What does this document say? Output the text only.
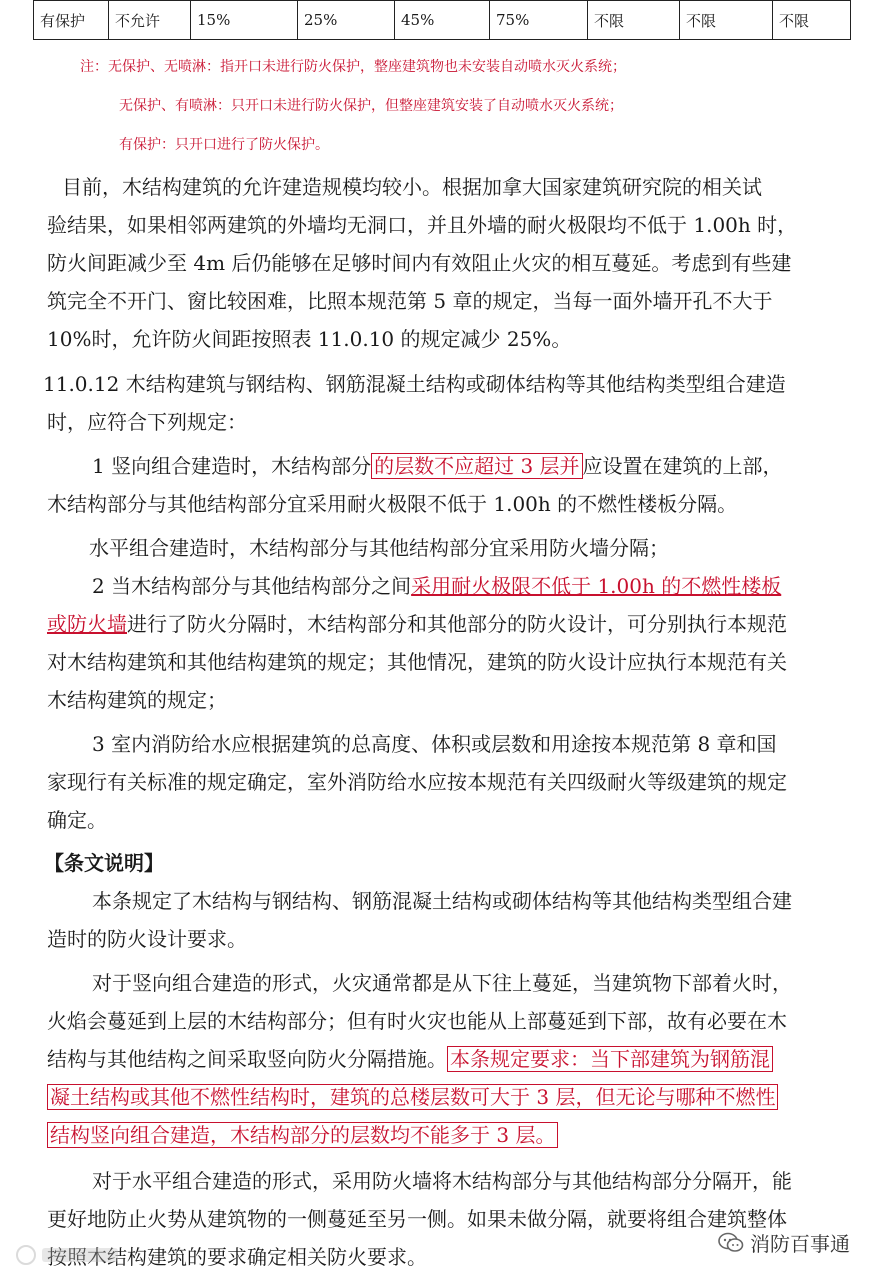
有保护	不允许	15%	25%	45%	75%	不限	不限	不限
注：无保护、无喷淋：指开口未进行防火保护，整座建筑物也未安装自动喷水灭火系统；
无保护、有喷淋：只开口未进行防火保护，但整座建筑安装了自动喷水灭火系统；
有保护：只开口进行了防火保护。
目前，木结构建筑的允许建造规模均较小。根据加拿大国家建筑研究院的相关试
验结果，如果相邻两建筑的外墙均无洞口，并且外墙的耐火极限均不低于 1.00h 时，
防火间距减少至 4m 后仍能够在足够时间内有效阻止火灾的相互蔓延。考虑到有些建
筑完全不开门、窗比较困难，比照本规范第 5 章的规定，当每一面外墙开孔不大于
10%时，允许防火间距按照表 11.0.10 的规定减少 25%。
11.0.12 木结构建筑与钢结构、钢筋混凝土结构或砌体结构等其他结构类型组合建造
时，应符合下列规定：
1 竖向组合建造时，木结构部分 的层数不应超过 3 层并 应设置在建筑的上部，
木结构部分与其他结构部分宜采用耐火极限不低于 1.00h 的不燃性楼板分隔。
水平组合建造时，木结构部分与其他结构部分宜采用防火墙分隔；
2 当木结构部分与其他结构部分之间采用耐火极限不低于 1.00h 的不燃性楼板
或防火墙进行了防火分隔时，木结构部分和其他部分的防火设计，可分别执行本规范
对木结构建筑和其他结构建筑的规定；其他情况，建筑的防火设计应执行本规范有关
木结构建筑的规定；
3 室内消防给水应根据建筑的总高度、体积或层数和用途按本规范第 8 章和国
家现行有关标准的规定确定，室外消防给水应按本规范有关四级耐火等级建筑的规定
确定。
【条文说明】
本条规定了木结构与钢结构、钢筋混凝土结构或砌体结构等其他结构类型组合建
造时的防火设计要求。
对于竖向组合建造的形式，火灾通常都是从下往上蔓延，当建筑物下部着火时，
火焰会蔓延到上层的木结构部分；但有时火灾也能从上部蔓延到下部，故有必要在木
结构与其他结构之间采取竖向防火分隔措施。 本条规定要求：当下部建筑为钢筋混
凝土结构或其他不燃性结构时，建筑的总楼层数可大于 3 层，但无论与哪种不燃性
结构竖向组合建造，木结构部分的层数均不能多于 3 层。
对于水平组合建造的形式，采用防火墙将木结构部分与其他结构部分分隔开，能
更好地防止火势从建筑物的一侧蔓延至另一侧。如果未做分隔，就要将组合建筑整体
按照木结构建筑的要求确定相关防火要求。
消防百事通
